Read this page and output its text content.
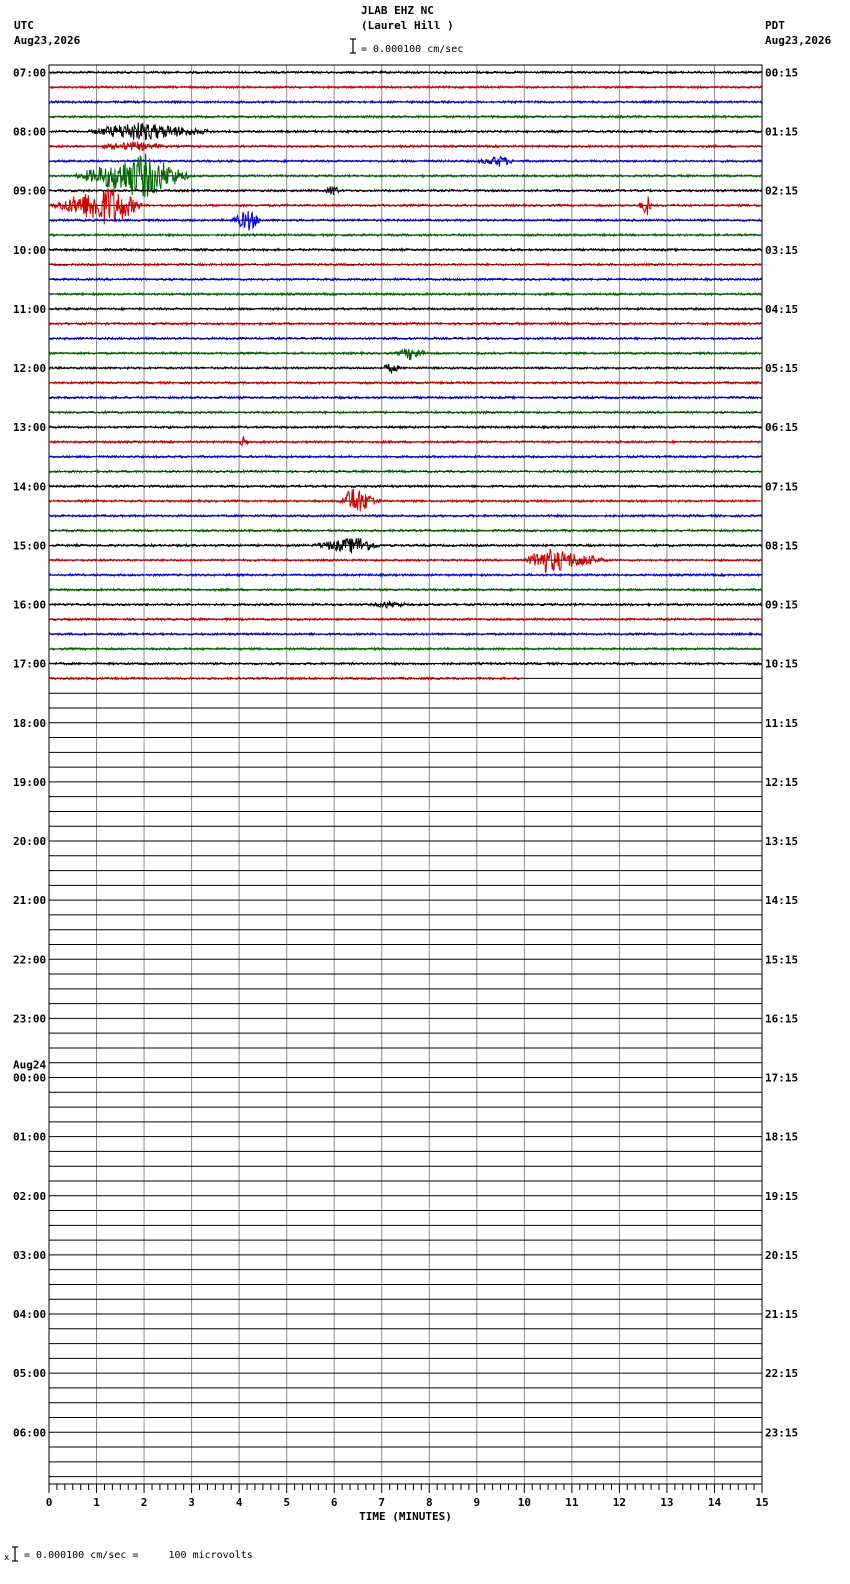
JLAB EHZ NC
(Laurel Hill )
= 0.000100 cm/sec
UTC
Aug23,2026
PDT
Aug23,2026
07:00
08:00
09:00
10:00
11:00
12:00
13:00
14:00
15:00
16:00
17:00
18:00
19:00
20:00
21:00
22:00
23:00
00:00
Aug24
01:00
02:00
03:00
04:00
05:00
06:00
00:15
01:15
02:15
03:15
04:15
05:15
06:15
07:15
08:15
09:15
10:15
11:15
12:15
13:15
14:15
15:15
16:15
17:15
18:15
19:15
20:15
21:15
22:15
23:15
0	1	2	3	4	5	6	7	8	9	10	11	12	13	14	15
TIME (MINUTES)
x = 0.000100 cm/sec =     100 microvolts
